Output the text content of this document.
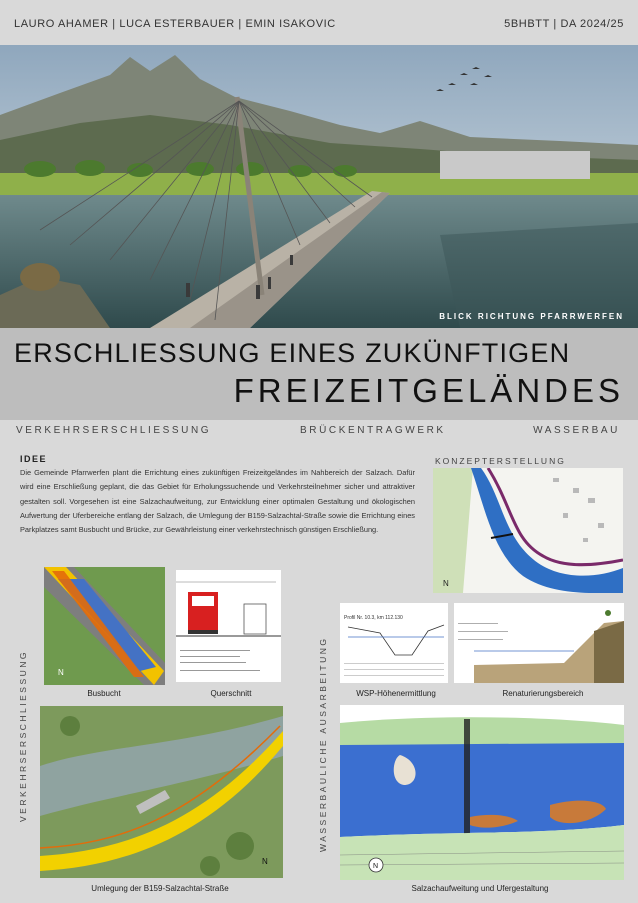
LAURO AHAMER | LUCA ESTERBAUER | EMIN ISAKOVIC	5BHBTT | DA 2024/25
BLICK RICHTUNG PFARRWERFEN
ERSCHLIESSUNG EINES ZUKÜNFTIGEN
FREIZEITGELÄNDES
VERKEHRSERSCHLIESSUNG	BRÜCKENTRAGWERK	WASSERBAU
IDEE
Die Gemeinde Pfarrwerfen plant die Errichtung eines zukünftigen Freizeitgeländes im Nahbereich der Salzach. Dafür wird eine Erschließung geplant, die das Gebiet für Erholungssuchende und Verkehrsteilnehmer sicher und attraktiver gestalten soll. Vorgesehen ist eine Salzachaufweitung, zur Entwicklung einer optimalen Gestaltung und ökologischen Aufwertung der Uferbereiche entlang der Salzach, die Umlegung der B159-Salzachtal-Straße sowie die Errichtung eines Parkplatzes samt Busbucht und Brücke, zur Gewährleistung einer verkehrstechnisch günstigen Erschließung.
KONZEPTERSTELLUNG
N
VERKEHRSERSCHLIESSUNG	N
Busbucht	Querschnitt
N
Umlegung der B159-Salzachtal-Straße
WASSERBAULICHE AUSARBEITUNG
Profil Nr. 10.3, km 112.130
WSP-Höhenermittlung	Renaturierungsbereich
N
Salzachaufweitung und Ufergestaltung
